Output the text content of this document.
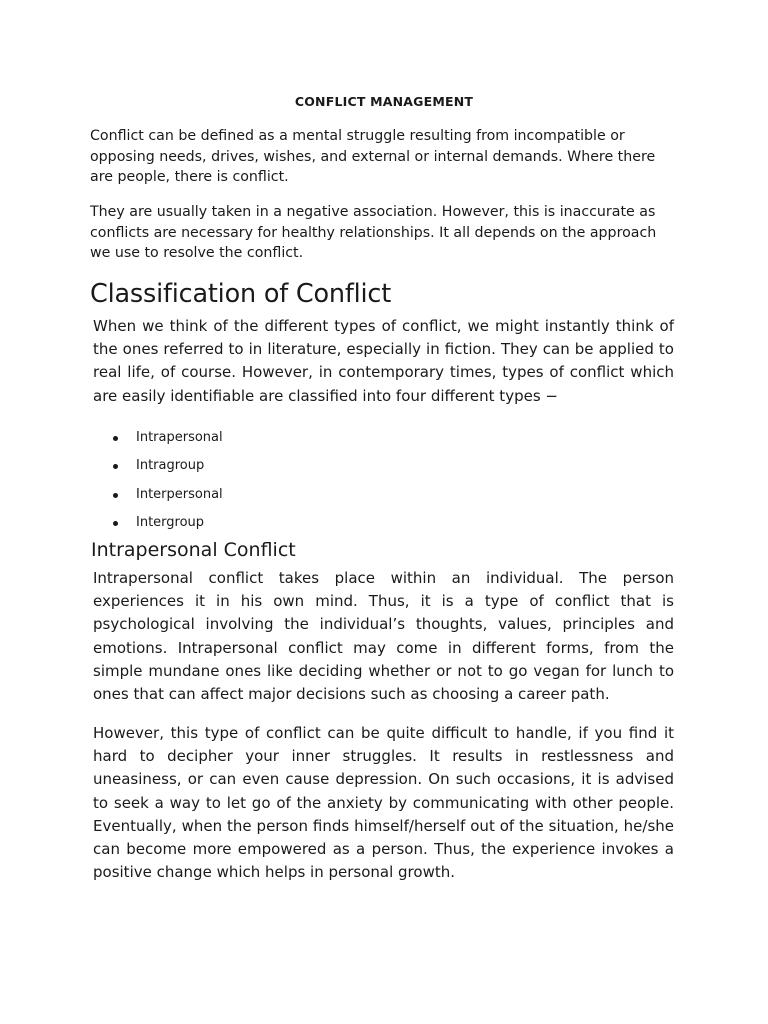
CONFLICT MANAGEMENT

Conflict can be defined as a mental struggle resulting from incompatible or opposing needs, drives, wishes, and external or internal demands. Where there are people, there is conflict.

They are usually taken in a negative association. However, this is inaccurate as conflicts are necessary for healthy relationships. It all depends on the approach we use to resolve the conflict.

Classification of Conflict

When we think of the different types of conflict, we might instantly think of the ones referred to in literature, especially in fiction. They can be applied to real life, of course. However, in contemporary times, types of conflict which are easily identifiable are classified into four different types −

Intrapersonal
Intragroup
Interpersonal
Intergroup
Intrapersonal Conflict

Intrapersonal conflict takes place within an individual. The person experiences it in his own mind. Thus, it is a type of conflict that is psychological involving the individual’s thoughts, values, principles and emotions. Intrapersonal conflict may come in different forms, from the simple mundane ones like deciding whether or not to go vegan for lunch to ones that can affect major decisions such as choosing a career path.

However, this type of conflict can be quite difficult to handle, if you find it hard to decipher your inner struggles. It results in restlessness and uneasiness, or can even cause depression. On such occasions, it is advised to seek a way to let go of the anxiety by communicating with other people. Eventually, when the person finds himself/herself out of the situation, he/she can become more empowered as a person. Thus, the experience invokes a positive change which helps in personal growth.
